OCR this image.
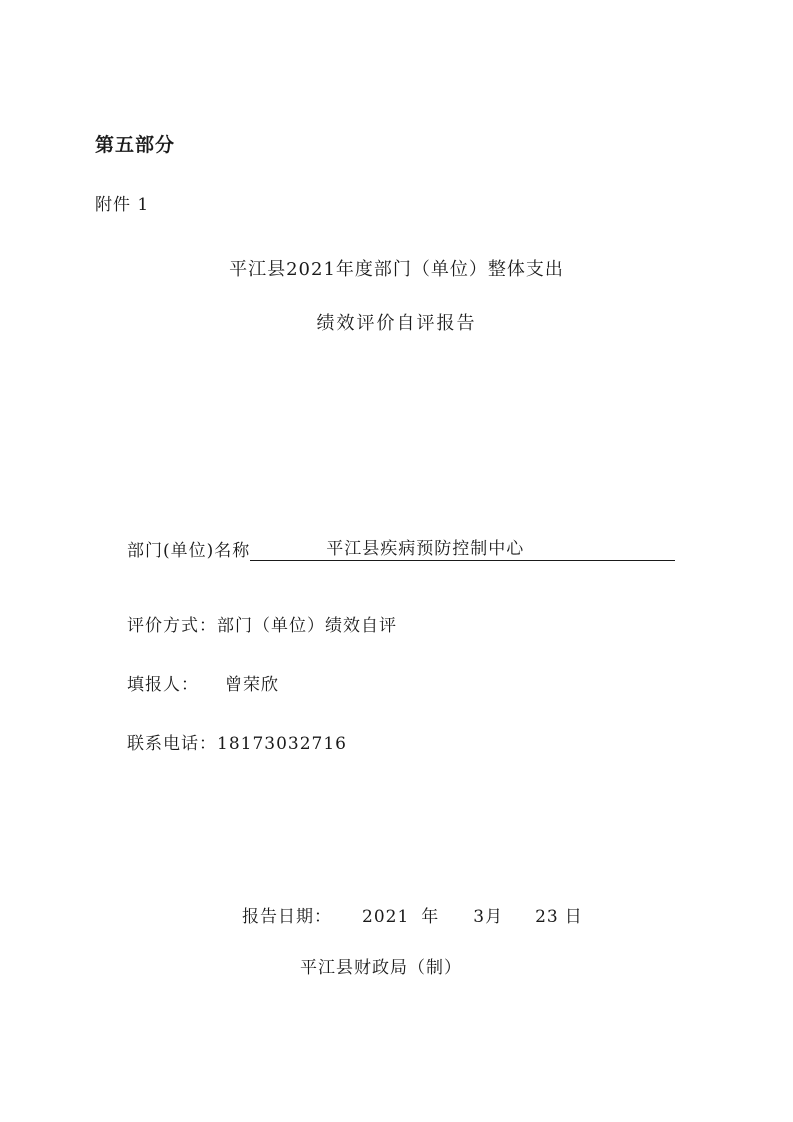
第五部分
附件 1
平江县2021年度部门（单位）整体支出
绩效评价自评报告
部门(单位)名称	平江县疾病预防控制中心
评价方式：部门（单位）绩效自评
填报人： 曾荣欣
联系电话：18173032716
报告日期： 2021 年 3月 23 日
平江县财政局（制）
